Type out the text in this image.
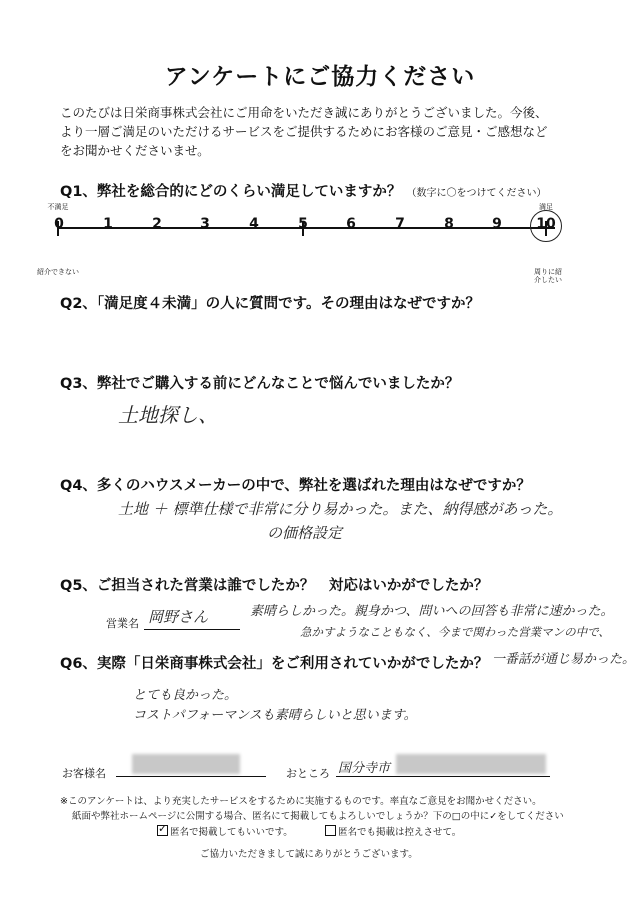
アンケートにご協力ください
このたびは日栄商事株式会社にご用命をいただき誠にありがとうございました。今後、
より一層ご満足のいただけるサービスをご提供するためにお客様のご意見・ご感想など
をお聞かせくださいませ。
Q1、弊社を総合的にどのくらい満足していますか？ （数字に〇をつけてください）
不満足	満足
0	1	2	3	4	5	6	7	8	9 10
紹介できない	周りに紹介したい
Q2、「満足度４未満」の人に質問です。その理由はなぜですか？
Q3、弊社でご購入する前にどんなことで悩んでいましたか？
土地探し、
Q4、多くのハウスメーカーの中で、弊社を選ばれた理由はなぜですか？
土地 ＋ 標準仕様で非常に分り易かった。また、納得感があった。
の価格設定
Q5、ご担当された営業は誰でしたか？　対応はいかがでしたか？
営業名 岡野さん	素晴らしかった。親身かつ、問いへの回答も非常に速かった。
急かすようなこともなく、今まで関わった営業マンの中で、
Q6、実際「日栄商事株式会社」をご利用されていかがでしたか？ 一番話が通じ易かった。
とても良かった。
コストパフォーマンスも素晴らしいと思います。
お客様名	おところ 国分寺市
※このアンケートは、より充実したサービスをするために実施するものです。率直なご意見をお聞かせください。
紙面や弊社ホームページに公開する場合、匿名にて掲載してもよろしいでしょうか？下の□の中に✓をしてください
✓匿名で掲載してもいいです。	匿名でも掲載は控えさせて。
ご協力いただきまして誠にありがとうございます。
